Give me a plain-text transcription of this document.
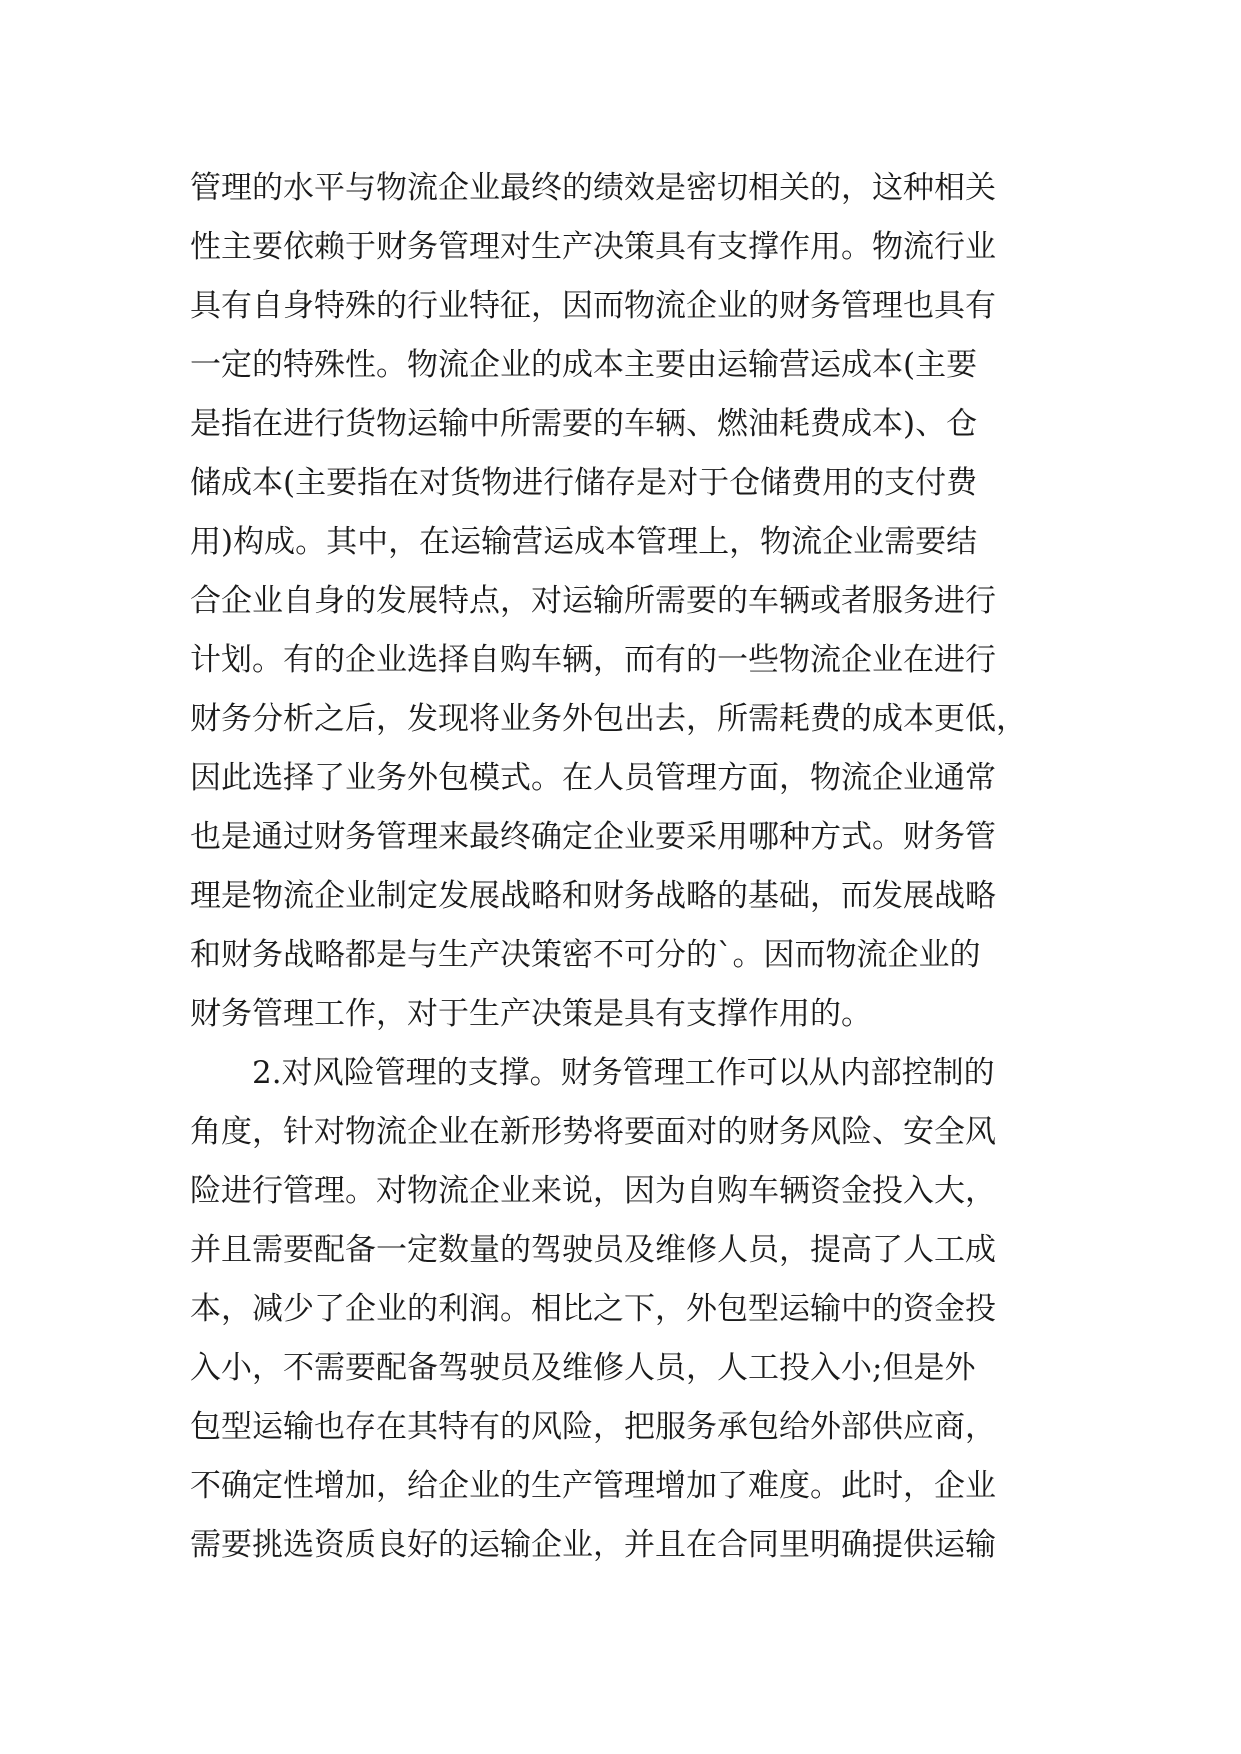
管理的水平与物流企业最终的绩效是密切相关的，这种相关
性主要依赖于财务管理对生产决策具有支撑作用。物流行业
具有自身特殊的行业特征，因而物流企业的财务管理也具有
一定的特殊性。物流企业的成本主要由运输营运成本(主要
是指在进行货物运输中所需要的车辆、燃油耗费成本)、仓
储成本(主要指在对货物进行储存是对于仓储费用的支付费
用)构成。其中，在运输营运成本管理上，物流企业需要结
合企业自身的发展特点，对运输所需要的车辆或者服务进行
计划。有的企业选择自购车辆，而有的一些物流企业在进行
财务分析之后，发现将业务外包出去，所需耗费的成本更低，
因此选择了业务外包模式。在人员管理方面，物流企业通常
也是通过财务管理来最终确定企业要采用哪种方式。财务管
理是物流企业制定发展战略和财务战略的基础，而发展战略
和财务战略都是与生产决策密不可分的`。因而物流企业的
财务管理工作，对于生产决策是具有支撑作用的。
2.对风险管理的支撑。财务管理工作可以从内部控制的
角度，针对物流企业在新形势将要面对的财务风险、安全风
险进行管理。对物流企业来说，因为自购车辆资金投入大，
并且需要配备一定数量的驾驶员及维修人员，提高了人工成
本，减少了企业的利润。相比之下，外包型运输中的资金投
入小，不需要配备驾驶员及维修人员，人工投入小;但是外
包型运输也存在其特有的风险，把服务承包给外部供应商，
不确定性增加，给企业的生产管理增加了难度。此时，企业
需要挑选资质良好的运输企业，并且在合同里明确提供运输
